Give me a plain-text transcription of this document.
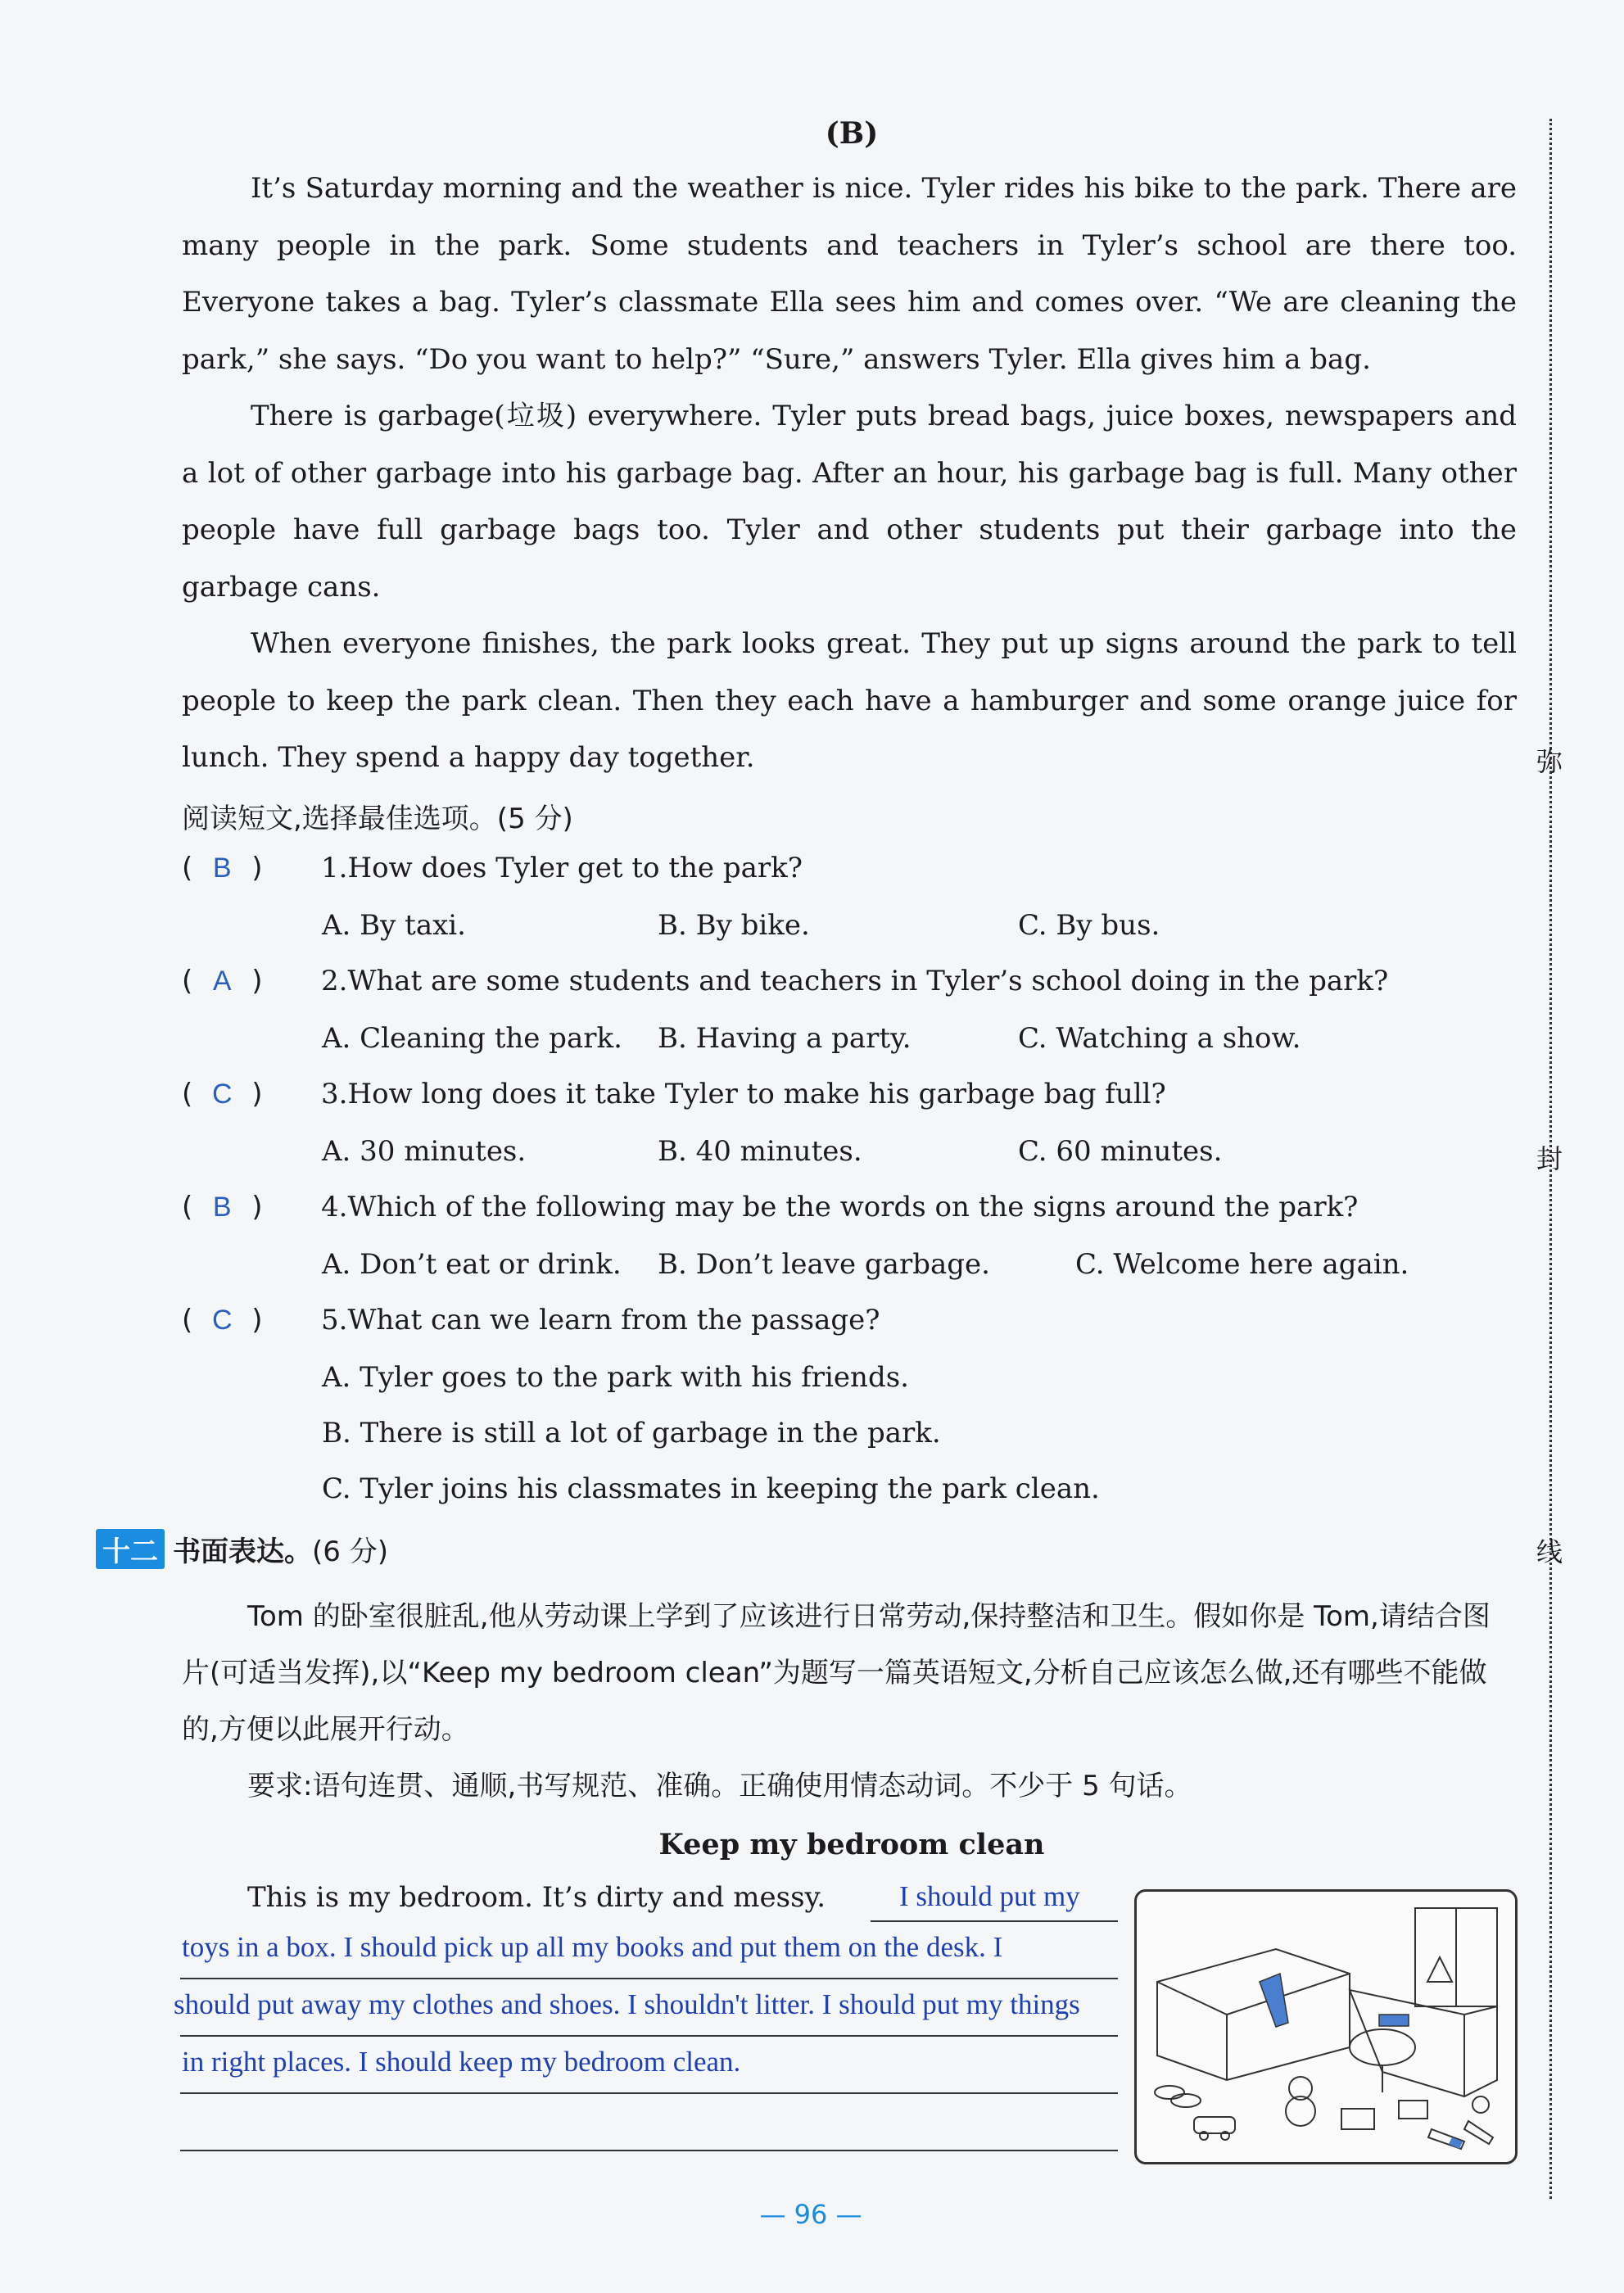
弥
封
线
(B)

It’s Saturday morning and the weather is nice. Tyler rides his bike to the park. There are many people in the park. Some students and teachers in Tyler’s school are there too. Everyone takes a bag. Tyler’s classmate Ella sees him and comes over. “We are cleaning the park,” she says. “Do you want to help?” “Sure,” answers Tyler. Ella gives him a bag.

There is garbage(垃圾) everywhere. Tyler puts bread bags, juice boxes, newspapers and a lot of other garbage into his garbage bag. After an hour, his garbage bag is full. Many other people have full garbage bags too. Tyler and other students put their garbage into the garbage cans.

When everyone finishes, the park looks great. They put up signs around the park to tell people to keep the park clean. Then they each have a hamburger and some orange juice for lunch. They spend a happy day together.

阅读短文,选择最佳选项。(5 分)
( B ) 1.How does Tyler get to the park?
A. By taxi.	B. By bike.	C. By bus.
( A ) 2.What are some students and teachers in Tyler’s school doing in the park?
A. Cleaning the park. B. Having a party.	C. Watching a show.
( C ) 3.How long does it take Tyler to make his garbage bag full?
A. 30 minutes.	B. 40 minutes.	C. 60 minutes.
( B ) 4.Which of the following may be the words on the signs around the park?
A. Don’t eat or drink. B. Don’t leave garbage.	C. Welcome here again.
( C ) 5.What can we learn from the passage?
A. Tyler goes to the park with his friends.
B. There is still a lot of garbage in the park.
C. Tyler joins his classmates in keeping the park clean.
十二 书面表达。(6 分)

Tom 的卧室很脏乱,他从劳动课上学到了应该进行日常劳动,保持整洁和卫生。假如你是 Tom,请结合图片(可适当发挥),以“Keep my bedroom clean”为题写一篇英语短文,分析自己应该怎么做,还有哪些不能做的,方便以此展开行动。

要求:语句连贯、通顺,书写规范、准确。正确使用情态动词。不少于 5 句话。

Keep my bedroom clean
This is my bedroom. It’s dirty and messy.	I should put my
toys in a box. I should pick up all my books and put them on the desk. I
should put away my clothes and shoes. I shouldn't litter. I should put my things
in right places. I should keep my bedroom clean.
— 96 —
